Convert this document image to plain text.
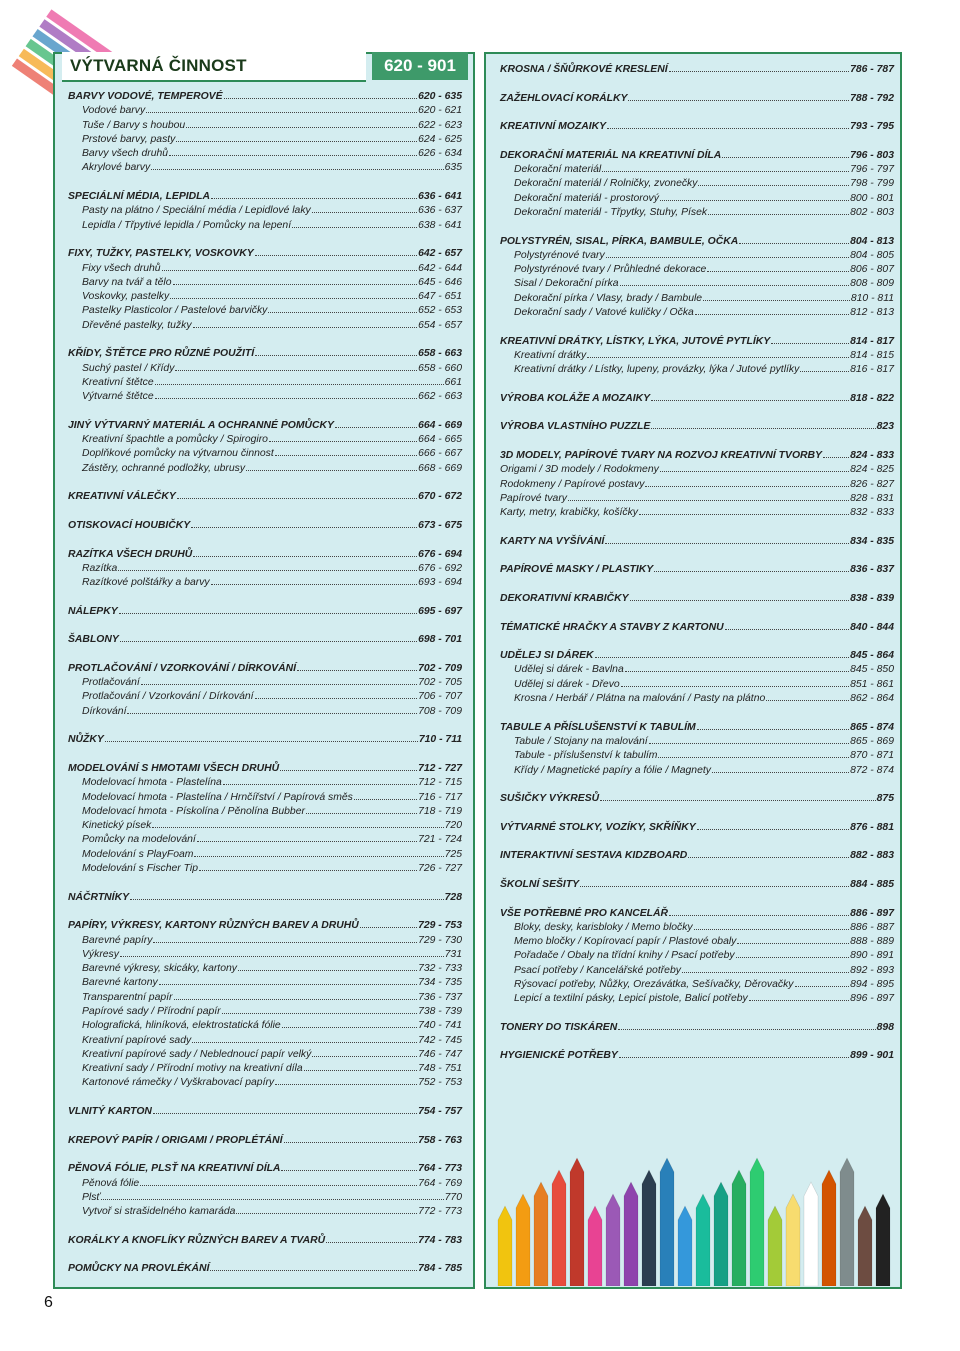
VÝTVARNÁ ČINNOST	620 - 901
BARVY VODOVÉ, TEMPEROVÉ	620 - 635
Vodové barvy	620 - 621
Tuše / Barvy s houbou	622 - 623
Prstové barvy, pasty	624 - 625
Barvy všech druhů	626 - 634
Akrylové barvy	635
SPECIÁLNÍ MÉDIA, LEPIDLA	636 - 641
Pasty na plátno / Speciální média / Lepidlové laky	636 - 637
Lepidla / Třpytivé lepidla / Pomůcky na lepení	638 - 641
FIXY, TUŽKY, PASTELKY, VOSKOVKY	642 - 657
Fixy všech druhů	642 - 644
Barvy na tvář a tělo	645 - 646
Voskovky, pastelky	647 - 651
Pastelky Plasticolor / Pastelové barvičky	652 - 653
Dřevěné pastelky, tužky	654 - 657
KŘÍDY, ŠTĚTCE PRO RŮZNÉ POUŽITÍ	658 - 663
Suchý pastel / Křídy	658 - 660
Kreativní štětce	661
Výtvarné štětce	662 - 663
JINÝ VÝTVARNÝ MATERIÁL A OCHRANNÉ POMŮCKY	664 - 669
Kreativní špachtle a pomůcky / Spirogiro	664 - 665
Doplňkové pomůcky na výtvarnou činnost	666 - 667
Zástěry, ochranné podložky, ubrusy	668 - 669
KREATIVNÍ VÁLEČKY	670 - 672
OTISKOVACÍ HOUBIČKY	673 - 675
RAZÍTKA VŠECH DRUHŮ	676 - 694
Razítka	676 - 692
Razítkové polštářky a barvy	693 - 694
NÁLEPKY	695 - 697
ŠABLONY	698 - 701
PROTLAČOVÁNÍ / VZORKOVÁNÍ / DÍRKOVÁNÍ	702 - 709
Protlačování	702 - 705
Protlačování / Vzorkování / Dírkování	706 - 707
Dírkování	708 - 709
NŮŽKY	710 - 711
MODELOVÁNÍ S HMOTAMI VŠECH DRUHŮ	712 - 727
Modelovací hmota - Plastelína	712 - 715
Modelovací hmota - Plastelína / Hrnčířství / Papírová směs	716 - 717
Modelovací hmota - Pískolína / Pěnolína Bubber	718 - 719
Kinetický písek	720
Pomůcky na modelování	721 - 724
Modelování s PlayFoam	725
Modelování s Fischer Tip	726 - 727
NÁČRTNÍKY	728
PAPÍRY, VÝKRESY, KARTONY RŮZNÝCH BAREV A DRUHŮ	729 - 753
Barevné papíry	729 - 730
Výkresy	731
Barevné výkresy, skicáky, kartony	732 - 733
Barevné kartony	734 - 735
Transparentní papír	736 - 737
Papírové sady / Přírodní papír	738 - 739
Holografická, hliníková, elektrostatická fólie	740 - 741
Kreativní papírové sady	742 - 745
Kreativní papírové sady / Neblednoucí papír velký	746 - 747
Kreativní sady / Přírodní motivy na kreativní díla	748 - 751
Kartonové rámečky / Vyškrabovací papíry	752 - 753
VLNITÝ KARTON	754 - 757
KREPOVÝ PAPÍR / ORIGAMI / PROPLÉTÁNÍ	758 - 763
PĚNOVÁ FÓLIE, PLSŤ NA KREATIVNÍ DÍLA	764 - 773
Pěnová fólie	764 - 769
Plsť	770
Vytvoř si strašidelného kamaráda	772 - 773
KORÁLKY A KNOFLÍKY RŮZNÝCH BAREV A TVARŮ	774 - 783
POMŮCKY NA PROVLÉKÁNÍ	784 - 785
KROSNA / ŠŇŮRKOVÉ KRESLENÍ	786 - 787
ZAŽEHLOVACÍ KORÁLKY	788 - 792
KREATIVNÍ MOZAIKY	793 - 795
DEKORAČNÍ MATERIÁL NA KREATIVNÍ DÍLA	796 - 803
Dekorační materiál	796 - 797
Dekorační materiál / Rolničky, zvonečky	798 - 799
Dekorační materiál - prostorový	800 - 801
Dekorační materiál - Třpytky, Stuhy, Písek	802 - 803
POLYSTYRÉN, SISAL, PÍRKA, BAMBULE, OČKA	804 - 813
Polystyrénové tvary	804 - 805
Polystyrénové tvary / Průhledné dekorace	806 - 807
Sisal / Dekorační pírka	808 - 809
Dekorační pírka / Vlasy, brady / Bambule	810 - 811
Dekorační sady / Vatové kuličky / Očka	812 - 813
KREATIVNÍ DRÁTKY, LÍSTKY, LÝKA, JUTOVÉ PYTLÍKY	814 - 817
Kreativní drátky	814 - 815
Kreativní drátky / Lístky, lupeny, provázky, lýka / Jutové pytlíky	816 - 817
VÝROBA KOLÁŽE A MOZAIKY	818 - 822
VÝROBA VLASTNÍHO PUZZLE	823
3D MODELY, PAPÍROVÉ TVARY NA ROZVOJ KREATIVNÍ TVORBY	824 - 833
Origami / 3D modely / Rodokmeny	824 - 825
Rodokmeny / Papírové postavy	826 - 827
Papírové tvary	828 - 831
Karty, metry, krabičky, košíčky	832 - 833
KARTY NA VYŠÍVÁNÍ	834 - 835
PAPÍROVÉ MASKY / PLASTIKY	836 - 837
DEKORATIVNÍ KRABIČKY	838 - 839
TÉMATICKÉ HRAČKY A STAVBY Z KARTONU	840 - 844
UDĚLEJ SI DÁREK	845 - 864
Udělej si dárek - Bavlna	845 - 850
Udělej si dárek - Dřevo	851 - 861
Krosna / Herbář / Plátna na malování / Pasty na plátno	862 - 864
TABULE A PŘÍSLUŠENSTVÍ K TABULÍM	865 - 874
Tabule / Stojany na malování	865 - 869
Tabule - příslušenství k tabulím	870 - 871
Křídy / Magnetické papíry a fólie / Magnety	872 - 874
SUŠIČKY VÝKRESŮ	875
VÝTVARNÉ STOLKY, VOZÍKY, SKŘÍŇKY	876 - 881
INTERAKTIVNÍ SESTAVA KIDZBOARD	882 - 883
ŠKOLNÍ SEŠITY	884 - 885
VŠE POTŘEBNÉ PRO KANCELÁŘ	886 - 897
Bloky, desky, karisbloky / Memo bločky	886 - 887
Memo bločky / Kopírovací papír / Plastové obaly	888 - 889
Pořadače / Obaly na třídní knihy / Psací potřeby	890 - 891
Psací potřeby / Kancelářské potřeby	892 - 893
Rýsovací potřeby, Nůžky, Orezávátka, Sešívačky, Děrovačky	894 - 895
Lepicí a textilní pásky, Lepicí pistole, Balicí potřeby	896 - 897
TONERY DO TISKÁREN	898
HYGIENICKÉ POTŘEBY	899 - 901
6
